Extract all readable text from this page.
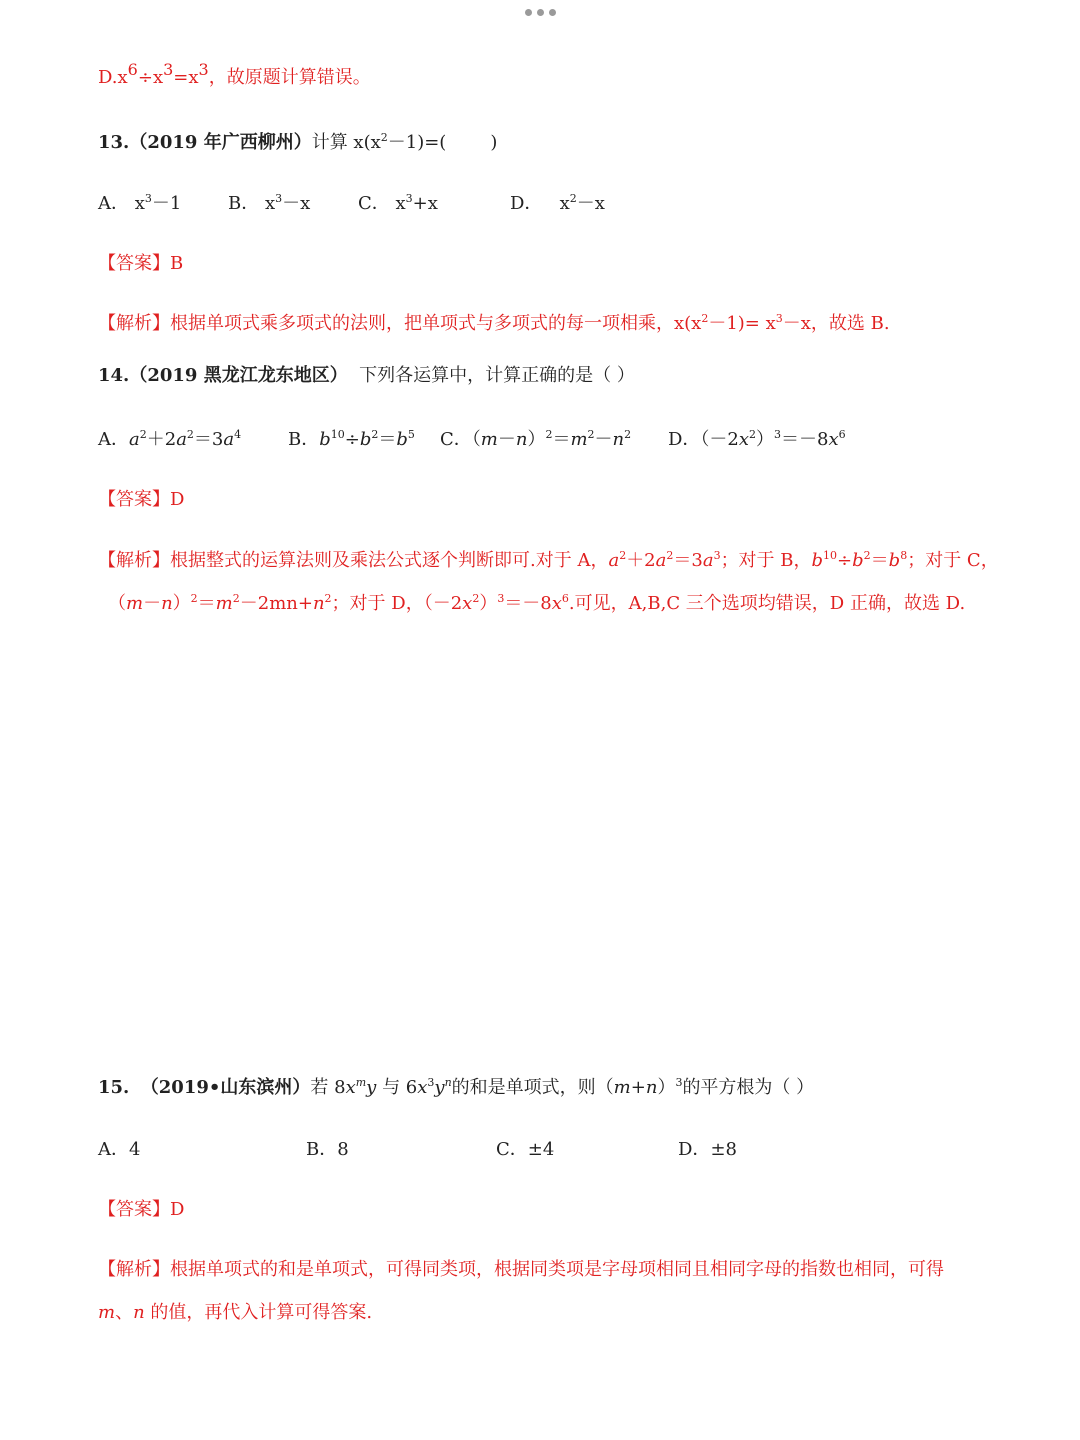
$D.x^6\div x^3=x^3$，故原题计算错误。
13.（2019 年广西柳州）计算 $x(x^2-1)=$( )
A． $x^3-1$	B． $x^3-x$	C． $x^3+x$	D． $x^2-x$
【答案】B
【解析】根据单项式乘多项式的法则，把单项式与多项式的每一项相乘，$x(x^2-1)= x^3-x$，故选 B.
14.（2019 黑龙江龙东地区） 下列各运算中，计算正确的是（ ）
A．$a^2+2a^2=3a^4$	B．$b^{10}\div b^2=b^5$ C．$(m-n)^2=m^2-n^2$ D．$(-2x^2)^3=-8x^6$
【答案】D
【解析】根据整式的运算法则及乘法公式逐个判断即可.对于 A，$a^2+2a^2=3a^3$；对于 B，$b^{10}\div b^2=b^8$；对于 C，
$(m-n)^2=m^2-2mn+n^2$；对于 D，$(-2x^2)^3=-8x^6$.可见，A,B,C 三个选项均错误，D 正确，故选 D.
15. （2019•山东滨州）若 $8x^my$ 与 $6x^3y^n$的和是单项式，则$(m+n)^3$的平方根为（ ）
A．4	B．8	C．±4	D．±8
【答案】D
【解析】根据单项式的和是单项式，可得同类项，根据同类项是字母项相同且相同字母的指数也相同，可得
m、n 的值，再代入计算可得答案.
